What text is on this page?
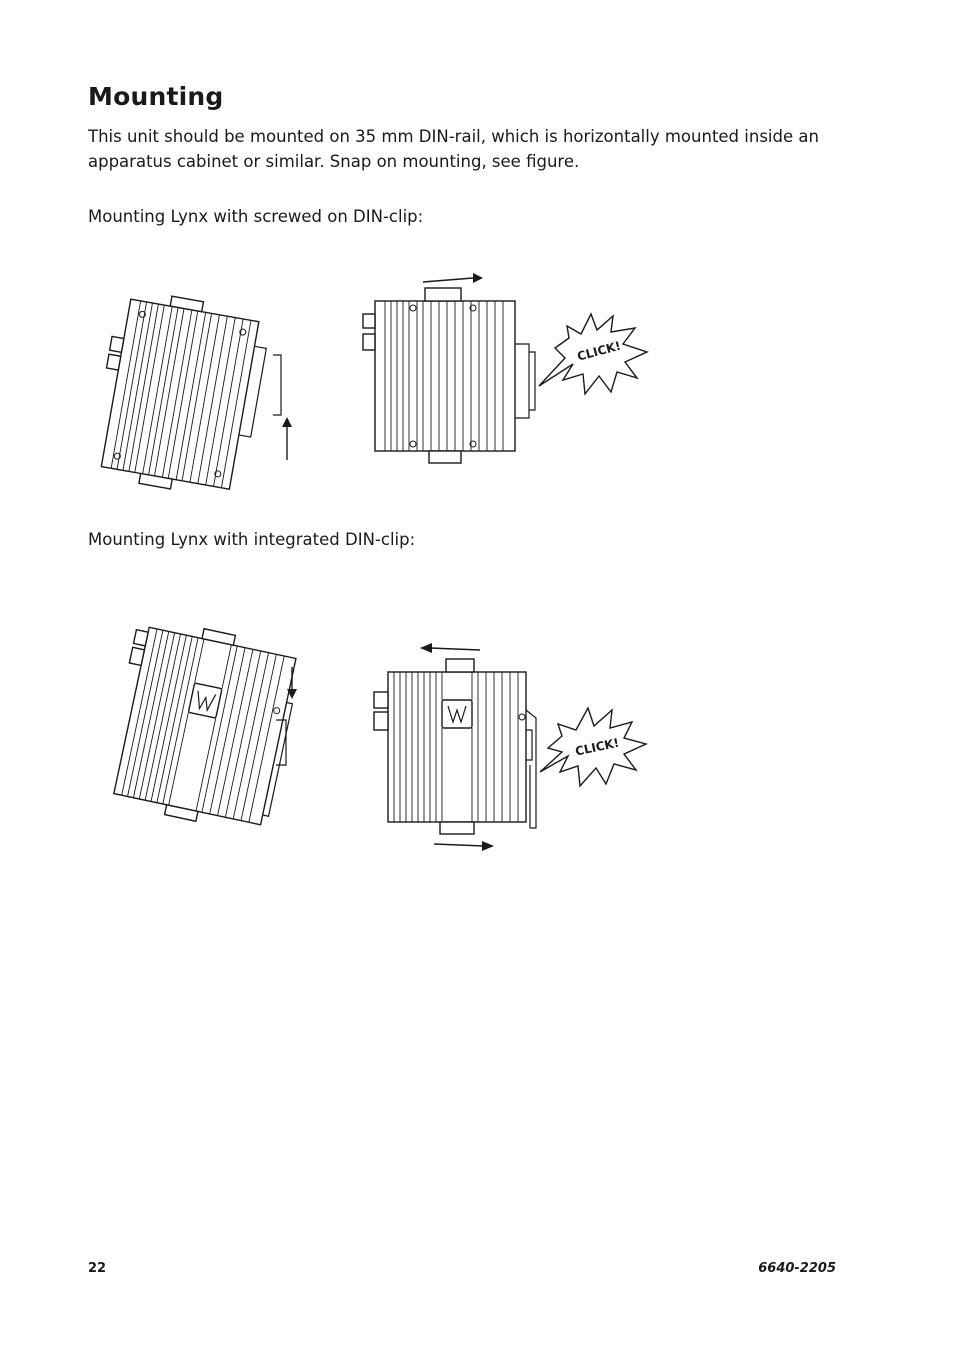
Mounting

This unit should be mounted on 35 mm DIN-rail, which is horizontally mounted inside an apparatus cabinet or similar. Snap on mounting, see figure.

Mounting Lynx with screwed on DIN-clip:

CLICK!

Mounting Lynx with integrated DIN-clip:

CLICK!

22	6640-2205
